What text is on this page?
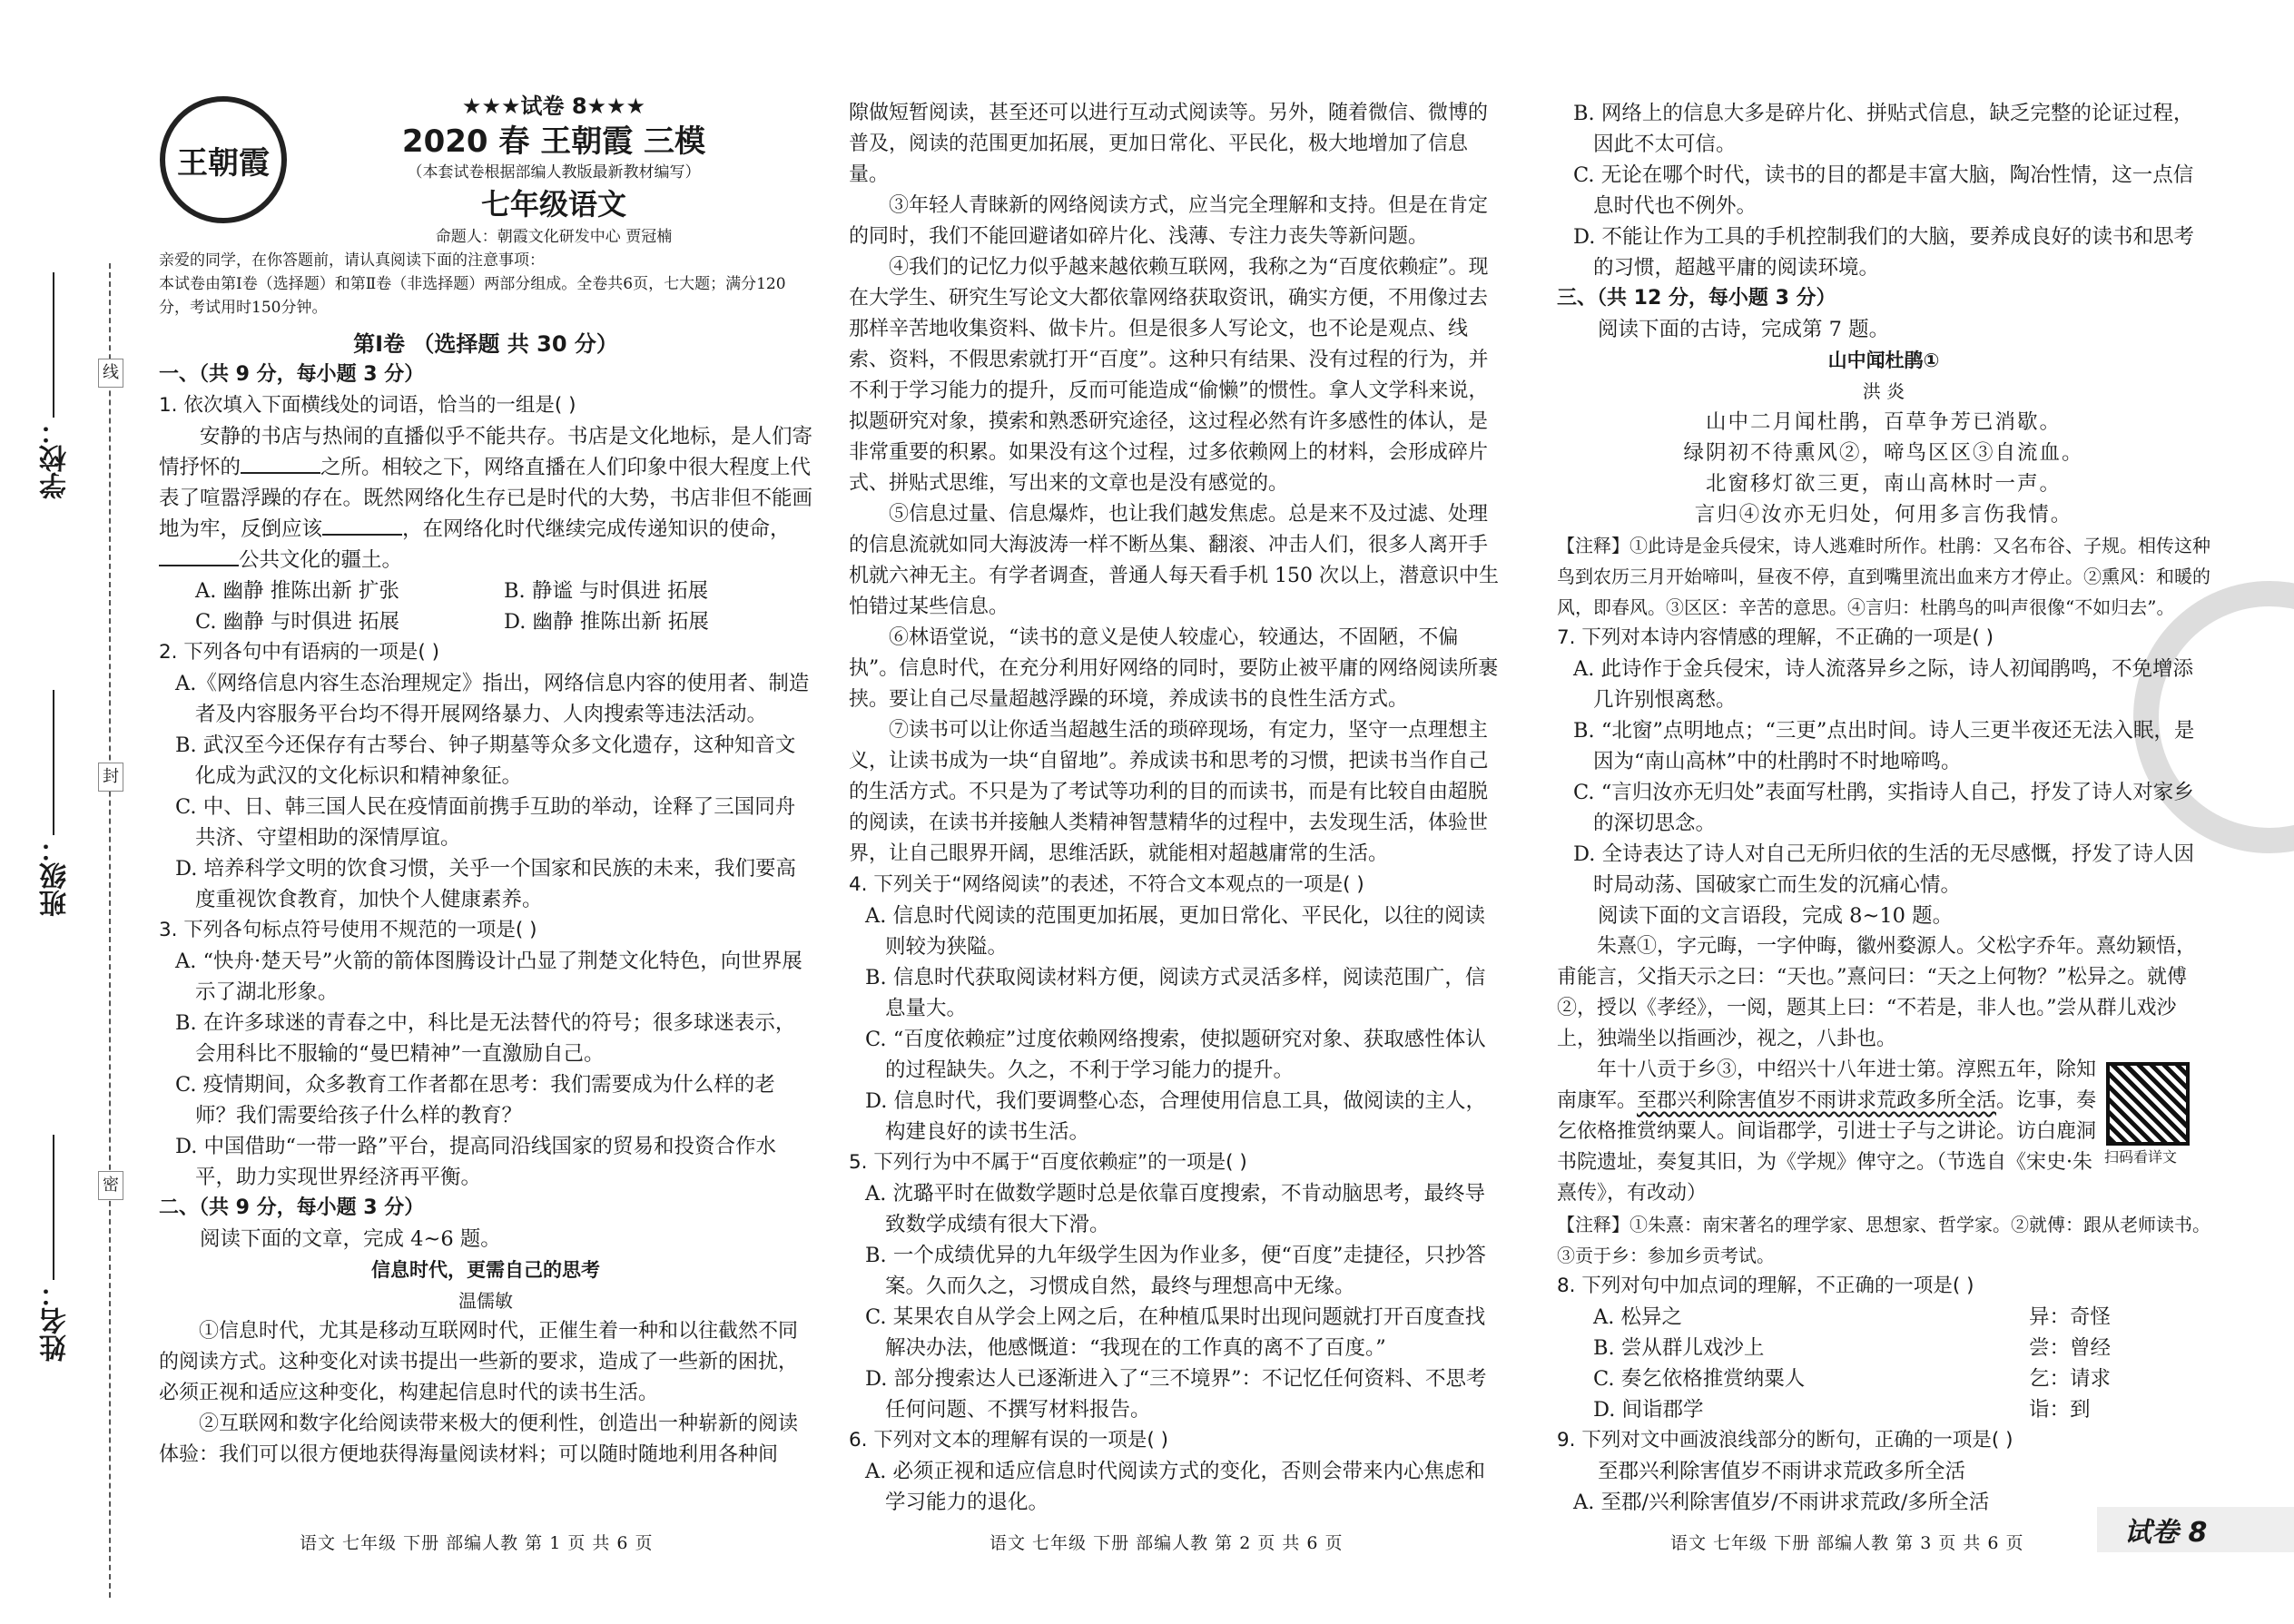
线
封
密
学校：
班级：
姓名：
王朝霞

★★★试卷 8★★★

2020 春 王朝霞 三模

（本套试卷根据部编人教版最新教材编写）

七年级语文

命题人：朝霞文化研发中心 贾冠楠

亲爱的同学，在你答题前，请认真阅读下面的注意事项：

本试卷由第Ⅰ卷（选择题）和第Ⅱ卷（非选择题）两部分组成。全卷共6页，七大题；满分120分，考试用时150分钟。

第Ⅰ卷 （选择题 共 30 分）

一、（共 9 分，每小题 3 分）

1. 依次填入下面横线处的词语，恰当的一组是( )

安静的书店与热闹的直播似乎不能共存。书店是文化地标，是人们寄情抒怀的	之所。相较之下，网络直播在人们印象中很大程度上代表了喧嚣浮躁的存在。既然网络化生存已是时代的大势，书店非但不能画地为牢，反倒应该	，在网络化时代继续完成传递知识的使命，公共文化的疆土。

A. 幽静 推陈出新 扩张	B. 静谧 与时俱进 拓展
C. 幽静 与时俱进 拓展	D. 幽静 推陈出新 拓展

2. 下列各句中有语病的一项是( )

A.《网络信息内容生态治理规定》指出，网络信息内容的使用者、制造者及内容服务平台均不得开展网络暴力、人肉搜索等违法活动。

B. 武汉至今还保存有古琴台、钟子期墓等众多文化遗存，这种知音文化成为武汉的文化标识和精神象征。

C. 中、日、韩三国人民在疫情面前携手互助的举动，诠释了三国同舟共济、守望相助的深情厚谊。

D. 培养科学文明的饮食习惯，关乎一个国家和民族的未来，我们要高度重视饮食教育，加快个人健康素养。

3. 下列各句标点符号使用不规范的一项是( )

A. “快舟·楚天号”火箭的箭体图腾设计凸显了荆楚文化特色，向世界展示了湖北形象。

B. 在许多球迷的青春之中，科比是无法替代的符号；很多球迷表示，会用科比不服输的“曼巴精神”一直激励自己。

C. 疫情期间，众多教育工作者都在思考：我们需要成为什么样的老师？我们需要给孩子什么样的教育？

D. 中国借助“一带一路”平台，提高同沿线国家的贸易和投资合作水平，助力实现世界经济再平衡。

二、（共 9 分，每小题 3 分）

阅读下面的文章，完成 4~6 题。

信息时代，更需自己的思考

温儒敏

①信息时代，尤其是移动互联网时代，正催生着一种和以往截然不同的阅读方式。这种变化对读书提出一些新的要求，造成了一些新的困扰，必须正视和适应这种变化，构建起信息时代的读书生活。

②互联网和数字化给阅读带来极大的便利性，创造出一种崭新的阅读体验：我们可以很方便地获得海量阅读材料；可以随时随地利用各种间

隙做短暂阅读，甚至还可以进行互动式阅读等。另外，随着微信、微博的普及，阅读的范围更加拓展，更加日常化、平民化，极大地增加了信息量。

③年轻人青睐新的网络阅读方式，应当完全理解和支持。但是在肯定的同时，我们不能回避诸如碎片化、浅薄、专注力丧失等新问题。

④我们的记忆力似乎越来越依赖互联网，我称之为“百度依赖症”。现在大学生、研究生写论文大都依靠网络获取资讯，确实方便，不用像过去那样辛苦地收集资料、做卡片。但是很多人写论文，也不论是观点、线索、资料，不假思索就打开“百度”。这种只有结果、没有过程的行为，并不利于学习能力的提升，反而可能造成“偷懒”的惯性。拿人文学科来说，拟题研究对象，摸索和熟悉研究途径，这过程必然有许多感性的体认，是非常重要的积累。如果没有这个过程，过多依赖网上的材料，会形成碎片式、拼贴式思维，写出来的文章也是没有感觉的。

⑤信息过量、信息爆炸，也让我们越发焦虑。总是来不及过滤、处理的信息流就如同大海波涛一样不断丛集、翻滚、冲击人们，很多人离开手机就六神无主。有学者调查，普通人每天看手机 150 次以上，潜意识中生怕错过某些信息。

⑥林语堂说，“读书的意义是使人较虚心，较通达，不固陋，不偏执”。信息时代，在充分利用好网络的同时，要防止被平庸的网络阅读所裹挟。要让自己尽量超越浮躁的环境，养成读书的良性生活方式。

⑦读书可以让你适当超越生活的琐碎现场，有定力，坚守一点理想主义，让读书成为一块“自留地”。养成读书和思考的习惯，把读书当作自己的生活方式。不只是为了考试等功利的目的而读书，而是有比较自由超脱的阅读，在读书并接触人类精神智慧精华的过程中，去发现生活，体验世界，让自己眼界开阔，思维活跃，就能相对超越庸常的生活。

4. 下列关于“网络阅读”的表述，不符合文本观点的一项是( )

A. 信息时代阅读的范围更加拓展，更加日常化、平民化，以往的阅读则较为狭隘。

B. 信息时代获取阅读材料方便，阅读方式灵活多样，阅读范围广，信息量大。

C. “百度依赖症”过度依赖网络搜索，使拟题研究对象、获取感性体认的过程缺失。久之，不利于学习能力的提升。

D. 信息时代，我们要调整心态，合理使用信息工具，做阅读的主人，构建良好的读书生活。

5. 下列行为中不属于“百度依赖症”的一项是( )

A. 沈璐平时在做数学题时总是依靠百度搜索，不肯动脑思考，最终导致数学成绩有很大下滑。

B. 一个成绩优异的九年级学生因为作业多，便“百度”走捷径，只抄答案。久而久之，习惯成自然，最终与理想高中无缘。

C. 某果农自从学会上网之后，在种植瓜果时出现问题就打开百度查找解决办法，他感慨道：“我现在的工作真的离不了百度。”

D. 部分搜索达人已逐渐进入了“三不境界”：不记忆任何资料、不思考任何问题、不撰写材料报告。

6. 下列对文本的理解有误的一项是( )

A. 必须正视和适应信息时代阅读方式的变化，否则会带来内心焦虑和学习能力的退化。

B. 网络上的信息大多是碎片化、拼贴式信息，缺乏完整的论证过程，因此不太可信。

C. 无论在哪个时代，读书的目的都是丰富大脑，陶冶性情，这一点信息时代也不例外。

D. 不能让作为工具的手机控制我们的大脑，要养成良好的读书和思考的习惯，超越平庸的阅读环境。

三、（共 12 分，每小题 3 分）

阅读下面的古诗，完成第 7 题。

山中闻杜鹃①

洪 炎

山中二月闻杜鹃，百草争芳已消歇。

绿阴初不待熏风②，啼鸟区区③自流血。

北窗移灯欲三更，南山高林时一声。

言归④汝亦无归处，何用多言伤我情。

【注释】①此诗是金兵侵宋，诗人逃难时所作。杜鹃：又名布谷、子规。相传这种鸟到农历三月开始啼叫，昼夜不停，直到嘴里流出血来方才停止。②熏风：和暖的风，即春风。③区区：辛苦的意思。④言归：杜鹃鸟的叫声很像“不如归去”。

7. 下列对本诗内容情感的理解，不正确的一项是( )

A. 此诗作于金兵侵宋，诗人流落异乡之际，诗人初闻鹃鸣，不免增添几许别恨离愁。

B. “北窗”点明地点；“三更”点出时间。诗人三更半夜还无法入眠，是因为“南山高林”中的杜鹃时不时地啼鸣。

C. “言归汝亦无归处”表面写杜鹃，实指诗人自己，抒发了诗人对家乡的深切思念。

D. 全诗表达了诗人对自己无所归依的生活的无尽感慨，抒发了诗人因时局动荡、国破家亡而生发的沉痛心情。

阅读下面的文言语段，完成 8~10 题。

朱熹①，字元晦，一字仲晦，徽州婺源人。父松字乔年。熹幼颖悟，甫能言，父指天示之曰：“天也。”熹问曰：“天之上何物？”松异之。就傅②，授以《孝经》，一阅，题其上曰：“不若是，非人也。”尝从群儿戏沙上，独端坐以指画沙，视之，八卦也。

年十八贡于乡③，中绍兴十八年进士第。淳熙五年，除知南康军。至郡兴利除害值岁不雨讲求荒政多所全活。讫事，奏乞依格推赏纳粟人。间诣郡学，引进士子与之讲论。访白鹿洞书院遗址，奏复其旧，为《学规》俾守之。（节选自《宋史·朱熹传》，有改动）

【注释】①朱熹：南宋著名的理学家、思想家、哲学家。②就傅：跟从老师读书。③贡于乡：参加乡贡考试。

8. 下列对句中加点词的理解，不正确的一项是( )

A. 松异之	异：奇怪
B. 尝从群儿戏沙上	尝：曾经
C. 奏乞依格推赏纳粟人	乞：请求
D. 间诣郡学	诣：到

9. 下列对文中画波浪线部分的断句，正确的一项是( )

至郡兴利除害值岁不雨讲求荒政多所全活

A. 至郡/兴利除害值岁/不雨讲求荒政/多所全活

扫码看详文
语文 七年级 下册 部编人教 第 1 页 共 6 页	语文 七年级 下册 部编人教 第 2 页 共 6 页	语文 七年级 下册 部编人教 第 3 页 共 6 页	试卷 8
